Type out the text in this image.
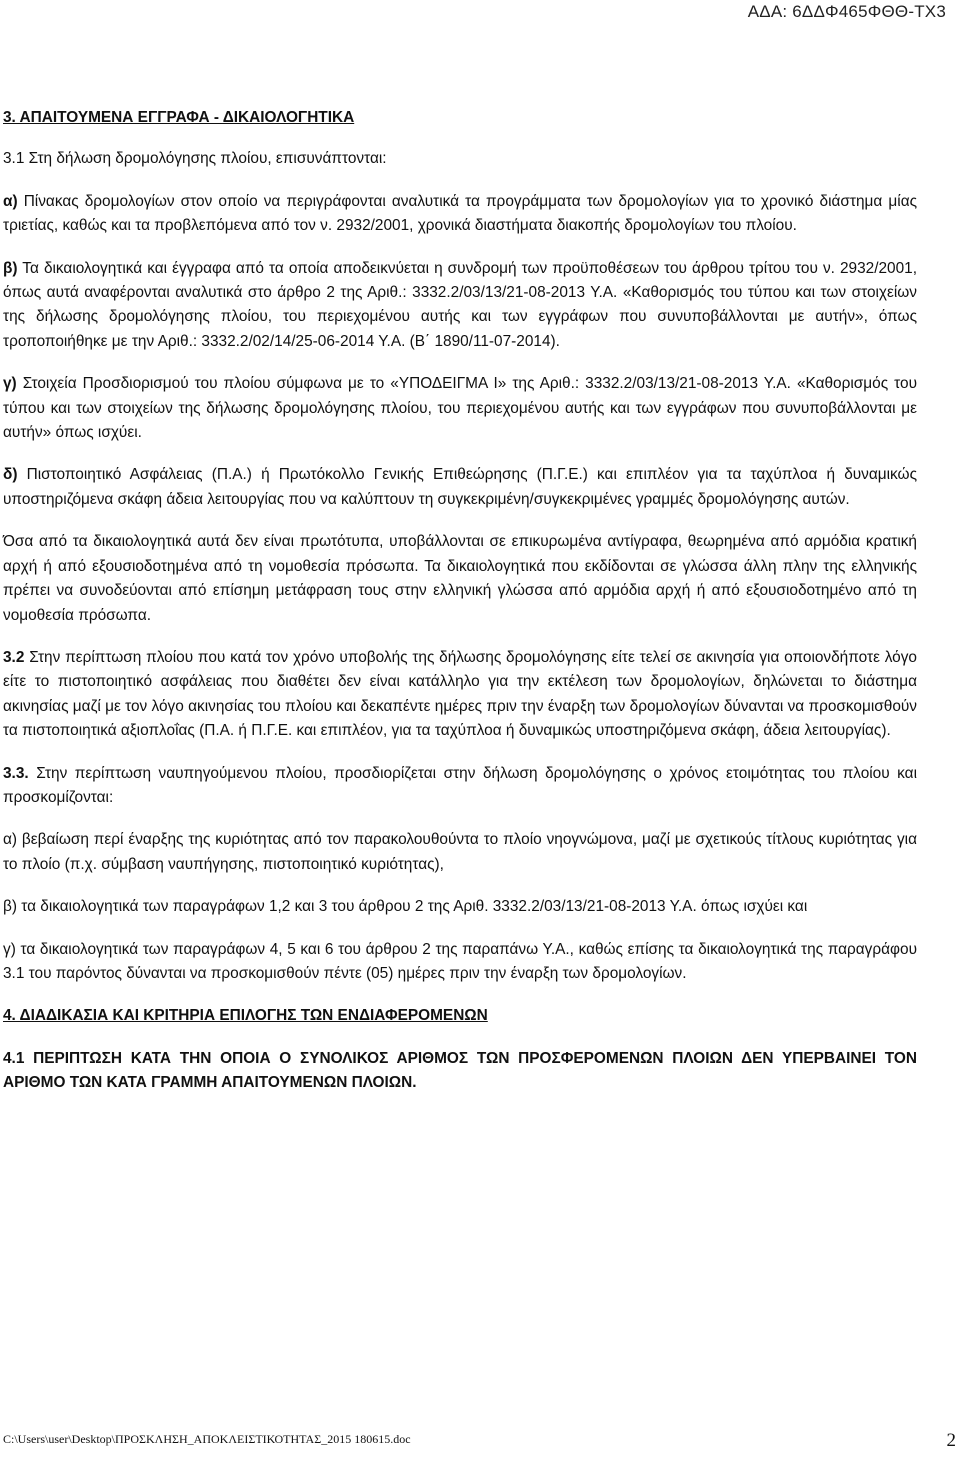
ΑΔΑ: 6ΔΔΦ465ΦΘΘ-ΤΧ3

3. ΑΠΑΙΤΟΥΜΕΝΑ ΕΓΓΡΑΦΑ - ΔΙΚΑΙΟΛΟΓΗΤΙΚΑ

3.1 Στη δήλωση δρομολόγησης πλοίου, επισυνάπτονται:

α) Πίνακας δρομολογίων στον οποίο να περιγράφονται αναλυτικά τα προγράμματα των δρομολογίων για το χρονικό διάστημα μίας τριετίας, καθώς και τα προβλεπόμενα από τον ν. 2932/2001, χρονικά διαστήματα διακοπής δρομολογίων του πλοίου.

β) Τα δικαιολογητικά και έγγραφα από τα οποία αποδεικνύεται η συνδρομή των προϋποθέσεων του άρθρου τρίτου του ν. 2932/2001, όπως αυτά αναφέρονται αναλυτικά στο άρθρο 2 της Αριθ.: 3332.2/03/13/21-08-2013 Υ.Α. «Καθορισμός του τύπου και των στοιχείων της δήλωσης δρομολόγησης πλοίου, του περιεχομένου αυτής και των εγγράφων που συνυποβάλλονται με αυτήν», όπως τροποποιήθηκε με την Αριθ.: 3332.2/02/14/25-06-2014 Υ.Α. (Β΄ 1890/11-07-2014).

γ) Στοιχεία Προσδιορισμού του πλοίου σύμφωνα με το «ΥΠΟΔΕΙΓΜΑ Ι» της Αριθ.: 3332.2/03/13/21-08-2013 Υ.Α. «Καθορισμός του τύπου και των στοιχείων της δήλωσης δρομολόγησης πλοίου, του περιεχομένου αυτής και των εγγράφων που συνυποβάλλονται με αυτήν» όπως ισχύει.

δ) Πιστοποιητικό Ασφάλειας (Π.Α.) ή Πρωτόκολλο Γενικής Επιθεώρησης (Π.Γ.Ε.) και επιπλέον για τα ταχύπλοα ή δυναμικώς υποστηριζόμενα σκάφη άδεια λειτουργίας που να καλύπτουν τη συγκεκριμένη/συγκεκριμένες γραμμές δρομολόγησης αυτών.

Όσα από τα δικαιολογητικά αυτά δεν είναι πρωτότυπα, υποβάλλονται σε επικυρωμένα αντίγραφα, θεωρημένα από αρμόδια κρατική αρχή ή από εξουσιοδοτημένα από τη νομοθεσία πρόσωπα. Τα δικαιολογητικά που εκδίδονται σε γλώσσα άλλη πλην της ελληνικής πρέπει να συνοδεύονται από επίσημη μετάφραση τους στην ελληνική γλώσσα από αρμόδια αρχή ή από εξουσιοδοτημένο από τη νομοθεσία πρόσωπα.

3.2 Στην περίπτωση πλοίου που κατά τον χρόνο υποβολής της δήλωσης δρομολόγησης είτε τελεί σε ακινησία για οποιονδήποτε λόγο είτε το πιστοποιητικό ασφάλειας που διαθέτει δεν είναι κατάλληλο για την εκτέλεση των δρομολογίων, δηλώνεται το διάστημα ακινησίας μαζί με τον λόγο ακινησίας του πλοίου και δεκαπέντε ημέρες πριν την έναρξη των δρομολογίων δύνανται να προσκομισθούν τα πιστοποιητικά αξιοπλοΐας (Π.Α. ή Π.Γ.Ε. και επιπλέον, για τα ταχύπλοα ή δυναμικώς υποστηριζόμενα σκάφη, άδεια λειτουργίας).

3.3. Στην περίπτωση ναυπηγούμενου πλοίου, προσδιορίζεται στην δήλωση δρομολόγησης ο χρόνος ετοιμότητας του πλοίου και προσκομίζονται:

α) βεβαίωση περί έναρξης της κυριότητας από τον παρακολουθούντα το πλοίο νηογνώμονα, μαζί με σχετικούς τίτλους κυριότητας για το πλοίο (π.χ. σύμβαση ναυπήγησης, πιστοποιητικό κυριότητας),

β) τα δικαιολογητικά των παραγράφων 1,2 και 3 του άρθρου 2 της Αριθ. 3332.2/03/13/21-08-2013 Υ.Α. όπως ισχύει και

γ) τα δικαιολογητικά των παραγράφων 4, 5 και 6 του άρθρου 2 της παραπάνω Υ.Α., καθώς επίσης τα δικαιολογητικά της παραγράφου 3.1 του παρόντος δύνανται να προσκομισθούν πέντε (05) ημέρες πριν την έναρξη των δρομολογίων.

4. ΔΙΑΔΙΚΑΣΙΑ ΚΑΙ ΚΡΙΤΗΡΙΑ ΕΠΙΛΟΓΗΣ ΤΩΝ ΕΝΔΙΑΦΕΡΟΜΕΝΩΝ

4.1 ΠΕΡΙΠΤΩΣΗ ΚΑΤΑ ΤΗΝ ΟΠΟΙΑ Ο ΣΥΝΟΛΙΚΟΣ ΑΡΙΘΜΟΣ ΤΩΝ ΠΡΟΣΦΕΡΟΜΕΝΩΝ ΠΛΟΙΩΝ ΔΕΝ ΥΠΕΡΒΑΙΝΕΙ ΤΟΝ ΑΡΙΘΜΟ ΤΩΝ ΚΑΤΑ ΓΡΑΜΜΗ ΑΠΑΙΤΟΥΜΕΝΩΝ ΠΛΟΙΩΝ.

C:\Users\user\Desktop\ΠΡΟΣΚΛΗΣΗ_ΑΠΟΚΛΕΙΣΤΙΚΟΤΗΤΑΣ_2015 180615.doc	2
